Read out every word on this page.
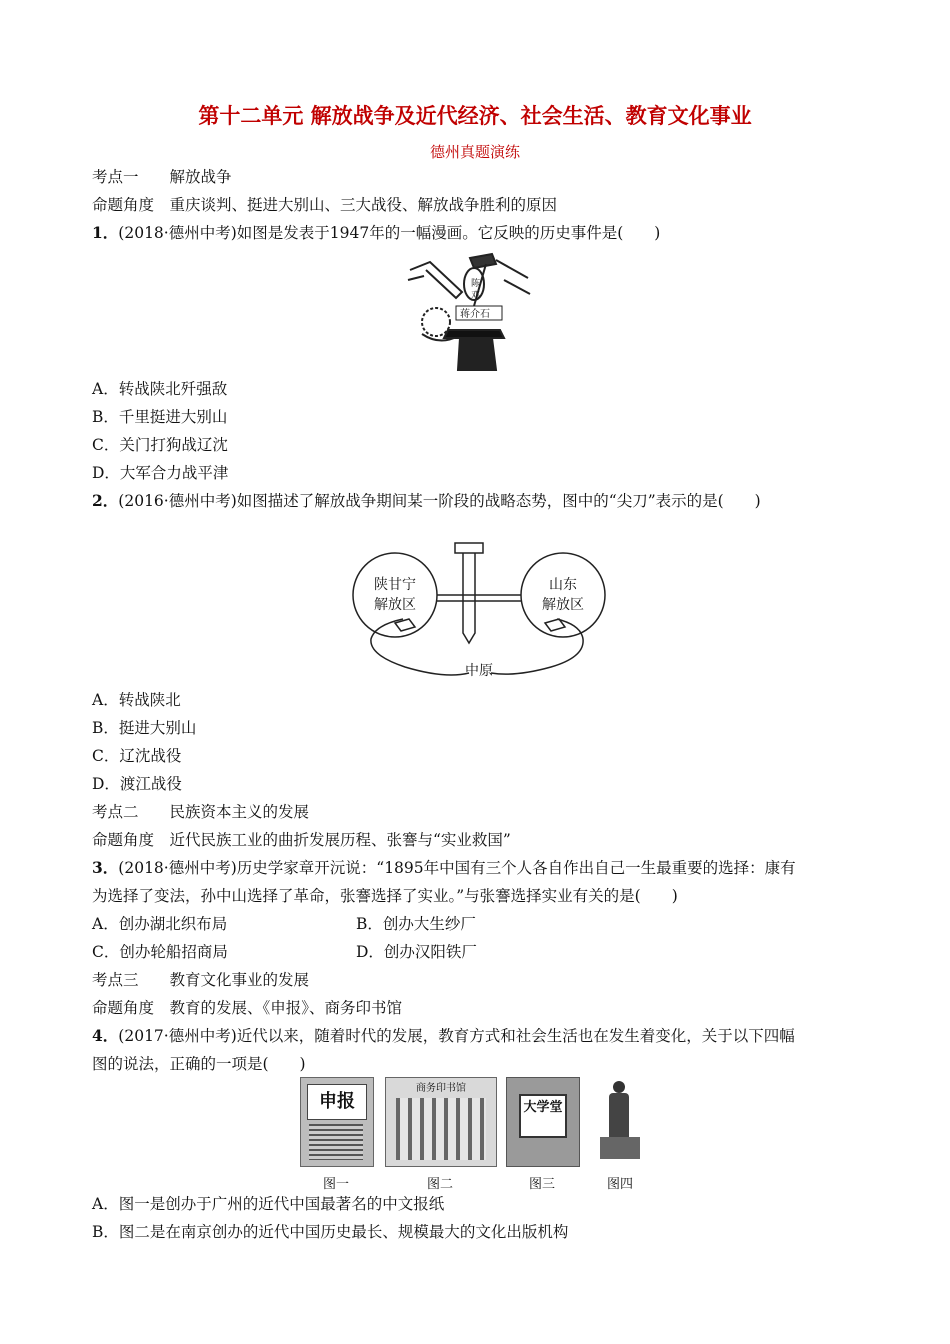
第十二单元 解放战争及近代经济、社会生活、教育文化事业
德州真题演练
考点一　　解放战争
命题角度　重庆谈判、挺进大别山、三大战役、解放战争胜利的原因
1．(2018·德州中考)如图是发表于1947年的一幅漫画。它反映的历史事件是(　　)
陈
邓
蒋介石
A．转战陕北歼强敌
B．千里挺进大别山
C．关门打狗战辽沈
D．大军合力战平津
2．(2016·德州中考)如图描述了解放战争期间某一阶段的战略态势，图中的“尖刀”表示的是(　　)
陕甘宁
解放区
山东
解放区
中原
A．转战陕北
B．挺进大别山
C．辽沈战役
D．渡江战役
考点二　　民族资本主义的发展
命题角度　近代民族工业的曲折发展历程、张謇与“实业救国”
3．(2018·德州中考)历史学家章开沅说：“1895年中国有三个人各自作出自己一生最重要的选择：康有
为选择了变法，孙中山选择了革命，张謇选择了实业。”与张謇选择实业有关的是(　　)
A．创办湖北织布局	B．创办大生纱厂
C．创办轮船招商局	D．创办汉阳铁厂
考点三　　教育文化事业的发展
命题角度　教育的发展、《申报》、商务印书馆
4．(2017·德州中考)近代以来，随着时代的发展，教育方式和社会生活也在发生着变化，关于以下四幅
图的说法，正确的一项是(　　)
申报
商务印书馆
大学堂
图一	图二	图三	图四
A．图一是创办于广州的近代中国最著名的中文报纸
B．图二是在南京创办的近代中国历史最长、规模最大的文化出版机构
